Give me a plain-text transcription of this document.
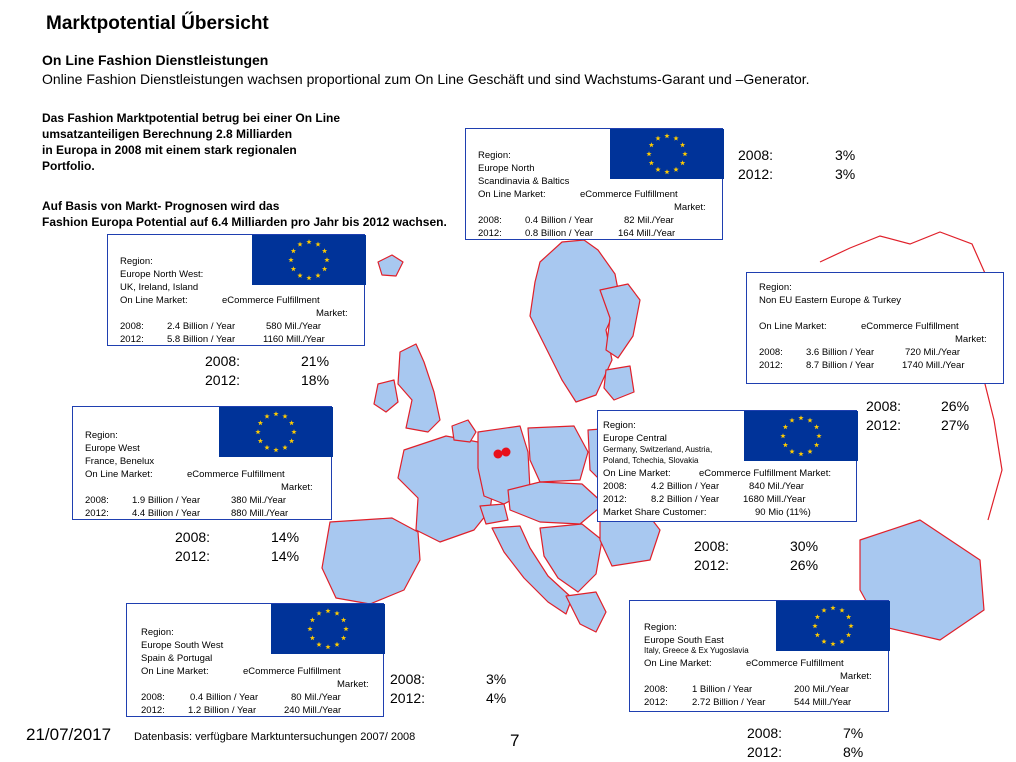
Marktpotential Űbersicht
On Line Fashion Dienstleistungen
Online Fashion Dienstleistungen wachsen proportional zum On Line Geschäft und sind Wachstums-Garant und –Generator.
Das Fashion Marktpotential betrug bei einer On Line
umsatzanteiligen Berechnung 2.8 Milliarden
in Europa in 2008 mit einem stark regionalen
Portfolio.
Auf Basis von Markt- Prognosen wird das
Fashion Europa Potential auf 6.4 Milliarden pro Jahr bis 2012 wachsen.
Region:
Europe North
Scandinavia & Baltics
On Line Market:	eCommerce Fulfillment
Market:
2008: 0.4 Billion / Year	82 Mil./Year
2012: 0.8 Billion / Year	164 Mill./Year
2008:	3%
2012:	3%
Region:
Europe North West:
UK, Ireland, Island
On Line Market:	eCommerce Fulfillment
Market:
2008: 2.4 Billion / Year	580 Mil./Year
2012: 5.8 Billion / Year	1160 Mill./Year
2008:	21%
2012:	18%
Region:
Non EU Eastern Europe & Turkey
On Line Market:	eCommerce Fulfillment
Market:
2008: 3.6 Billion / Year	720 Mil./Year
2012: 8.7 Billion / Year	1740 Mill./Year
2008:	26%
2012:	27%
Region:
Europe West
France, Benelux
On Line Market:	eCommerce Fulfillment
Market:
2008: 1.9 Billion / Year	380 Mil./Year
2012: 4.4 Billion / Year	880 Mill./Year
2008:	14%
2012:	14%
Region:
Europe Central
Germany, Switzerland, Austria,
Poland, Tchechia, Slovakia
On Line Market:	eCommerce Fulfillment Market:
2008:	4.2 Billion / Year	840 Mil./Year
2012:	8.2 Billion / Year	1680 Mill./Year
Market Share Customer:	90 Mio (11%)
2008:	30%
2012:	26%
Region:
Europe South West
Spain & Portugal
On Line Market:	eCommerce Fulfillment
Market:
2008:	0.4 Billion / Year	80 Mil./Year
2012: 1.2 Billion / Year	240 Mill./Year
2008:	3%
2012:	4%
Region:
Europe South East
Italy, Greece & Ex Yugoslavia
On Line Market:	eCommerce Fulfillment
Market:
2008:	1 Billion / Year	200 Mil./Year
2012:	2.72 Billion / Year	544 Mill./Year
2008:	7%
2012:	8%
21/07/2017 Datenbasis: verfügbare Marktuntersuchungen 2007/ 2008	7
